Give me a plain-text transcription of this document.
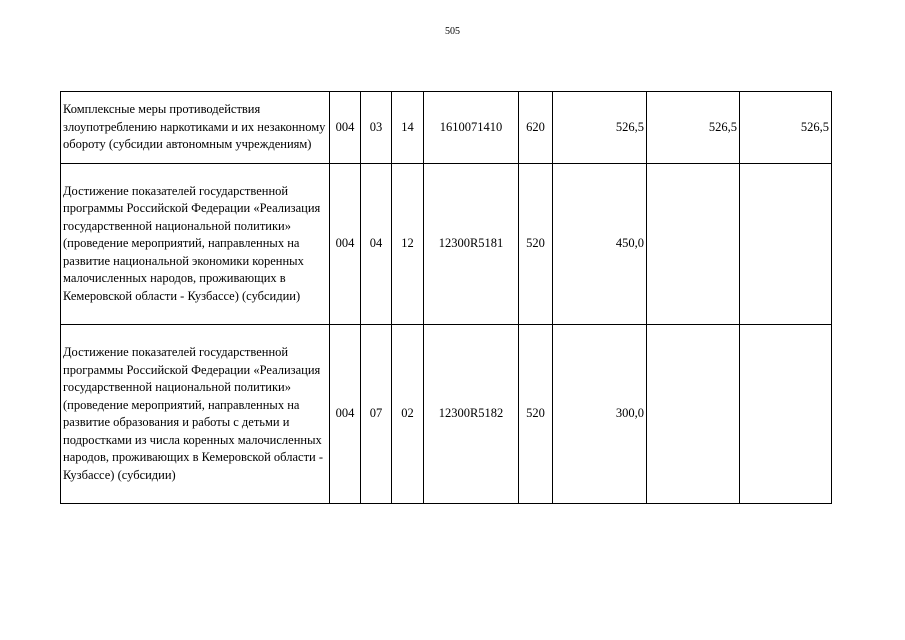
505
Комплексные меры противодействия злоупотреблению наркотиками и их незаконному обороту (субсидии автономным учреждениям)	004	03	14	1610071410	620	526,5	526,5	526,5
Достижение показателей государственной программы Российской Федерации «Реализация государственной национальной политики» (проведение мероприятий, направленных на развитие национальной экономики коренных малочисленных народов, проживающих в Кемеровской области - Кузбассе) (субсидии)	004	04	12	12300R5181	520	450,0		
Достижение показателей государственной программы Российской Федерации «Реализация государственной национальной политики» (проведение мероприятий, направленных на развитие образования и работы с детьми и подростками из числа коренных малочисленных народов, проживающих в Кемеровской области - Кузбассе) (субсидии)	004	07	02	12300R5182	520	300,0		
